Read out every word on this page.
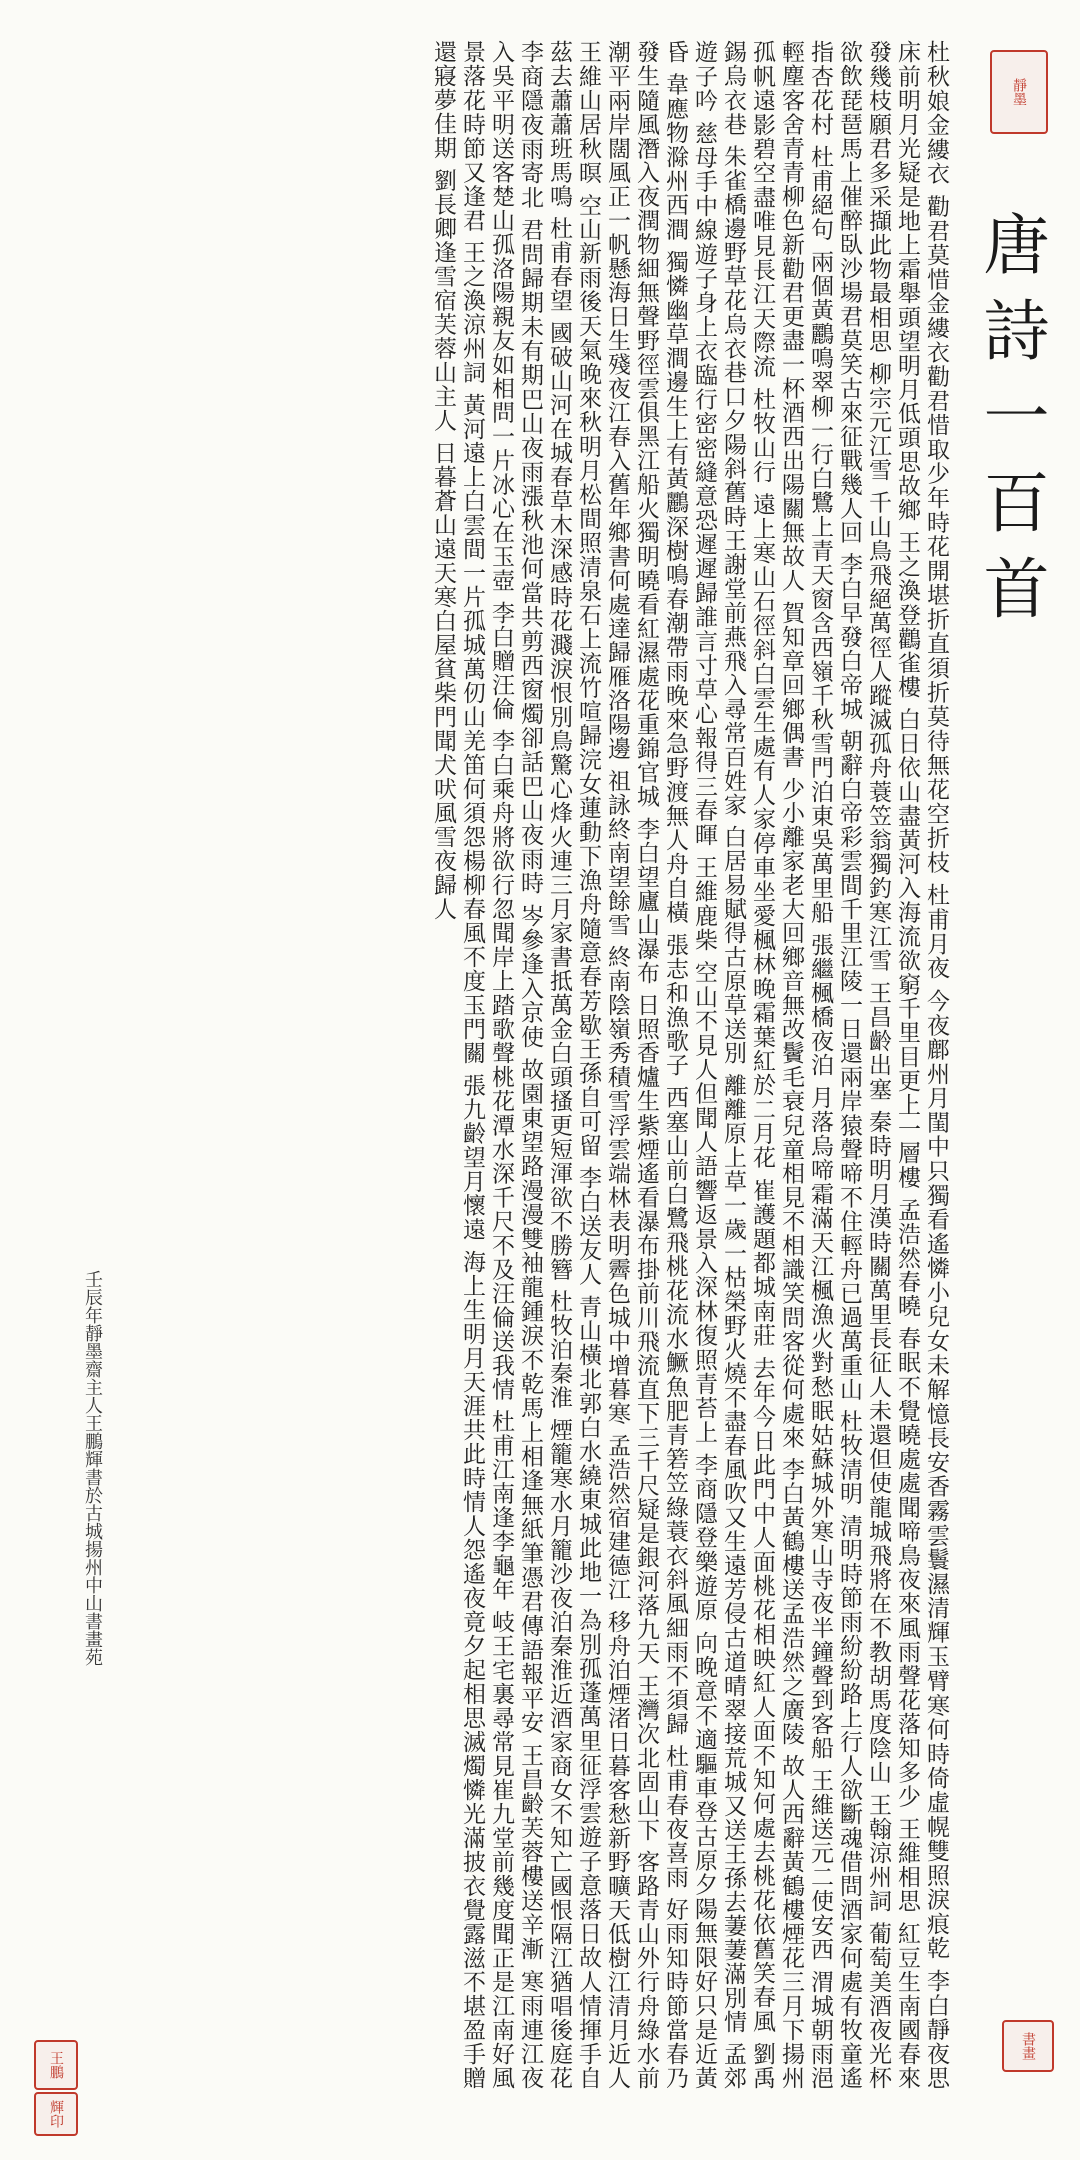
靜墨
唐詩一百首
杜秋娘金縷衣 勸君莫惜金縷衣勸君惜取少年時花開堪折直須折莫待無花空折枝 杜甫月夜 今夜鄜州月閨中只獨看遙憐小兒女未解憶長安香霧雲鬟濕清輝玉臂寒何時倚虛幌雙照淚痕乾 李白靜夜思 床前明月光疑是地上霜舉頭望明月低頭思故鄉 王之渙登鸛雀樓 白日依山盡黃河入海流欲窮千里目更上一層樓 孟浩然春曉 春眠不覺曉處處聞啼鳥夜來風雨聲花落知多少 王維相思 紅豆生南國春來發幾枝願君多采擷此物最相思 柳宗元江雪 千山鳥飛絕萬徑人蹤滅孤舟蓑笠翁獨釣寒江雪 王昌齡出塞 秦時明月漢時關萬里長征人未還但使龍城飛將在不教胡馬度陰山 王翰涼州詞 葡萄美酒夜光杯欲飲琵琶馬上催醉臥沙場君莫笑古來征戰幾人回 李白早發白帝城 朝辭白帝彩雲間千里江陵一日還兩岸猿聲啼不住輕舟已過萬重山 杜牧清明 清明時節雨紛紛路上行人欲斷魂借問酒家何處有牧童遙指杏花村 杜甫絕句 兩個黃鸝鳴翠柳一行白鷺上青天窗含西嶺千秋雪門泊東吳萬里船 張繼楓橋夜泊 月落烏啼霜滿天江楓漁火對愁眠姑蘇城外寒山寺夜半鐘聲到客船 王維送元二使安西 渭城朝雨浥輕塵客舍青青柳色新勸君更盡一杯酒西出陽關無故人 賀知章回鄉偶書 少小離家老大回鄉音無改鬢毛衰兒童相見不相識笑問客從何處來 李白黃鶴樓送孟浩然之廣陵 故人西辭黃鶴樓煙花三月下揚州孤帆遠影碧空盡唯見長江天際流 杜牧山行 遠上寒山石徑斜白雲生處有人家停車坐愛楓林晚霜葉紅於二月花 崔護題都城南莊 去年今日此門中人面桃花相映紅人面不知何處去桃花依舊笑春風 劉禹錫烏衣巷 朱雀橋邊野草花烏衣巷口夕陽斜舊時王謝堂前燕飛入尋常百姓家 白居易賦得古原草送別 離離原上草一歲一枯榮野火燒不盡春風吹又生遠芳侵古道晴翠接荒城又送王孫去萋萋滿別情 孟郊遊子吟 慈母手中線遊子身上衣臨行密密縫意恐遲遲歸誰言寸草心報得三春暉 王維鹿柴 空山不見人但聞人語響返景入深林復照青苔上 李商隱登樂遊原 向晚意不適驅車登古原夕陽無限好只是近黃昏 韋應物滁州西澗 獨憐幽草澗邊生上有黃鸝深樹鳴春潮帶雨晚來急野渡無人舟自橫 張志和漁歌子 西塞山前白鷺飛桃花流水鱖魚肥青箬笠綠蓑衣斜風細雨不須歸 杜甫春夜喜雨 好雨知時節當春乃發生隨風潛入夜潤物細無聲野徑雲俱黑江船火獨明曉看紅濕處花重錦官城 李白望廬山瀑布 日照香爐生紫煙遙看瀑布掛前川飛流直下三千尺疑是銀河落九天 王灣次北固山下 客路青山外行舟綠水前潮平兩岸闊風正一帆懸海日生殘夜江春入舊年鄉書何處達歸雁洛陽邊 祖詠終南望餘雪 終南陰嶺秀積雪浮雲端林表明霽色城中增暮寒 孟浩然宿建德江 移舟泊煙渚日暮客愁新野曠天低樹江清月近人 王維山居秋暝 空山新雨後天氣晚來秋明月松間照清泉石上流竹喧歸浣女蓮動下漁舟隨意春芳歇王孫自可留 李白送友人 青山橫北郭白水繞東城此地一為別孤蓬萬里征浮雲遊子意落日故人情揮手自茲去蕭蕭班馬鳴 杜甫春望 國破山河在城春草木深感時花濺淚恨別鳥驚心烽火連三月家書抵萬金白頭搔更短渾欲不勝簪 杜牧泊秦淮 煙籠寒水月籠沙夜泊秦淮近酒家商女不知亡國恨隔江猶唱後庭花 李商隱夜雨寄北 君問歸期未有期巴山夜雨漲秋池何當共剪西窗燭卻話巴山夜雨時 岑參逢入京使 故園東望路漫漫雙袖龍鍾淚不乾馬上相逢無紙筆憑君傳語報平安 王昌齡芙蓉樓送辛漸 寒雨連江夜入吳平明送客楚山孤洛陽親友如相問一片冰心在玉壺 李白贈汪倫 李白乘舟將欲行忽聞岸上踏歌聲桃花潭水深千尺不及汪倫送我情 杜甫江南逢李龜年 岐王宅裏尋常見崔九堂前幾度聞正是江南好風景落花時節又逢君 王之渙涼州詞 黃河遠上白雲間一片孤城萬仞山羌笛何須怨楊柳春風不度玉門關 張九齡望月懷遠 海上生明月天涯共此時情人怨遙夜竟夕起相思滅燭憐光滿披衣覺露滋不堪盈手贈還寢夢佳期 劉長卿逢雪宿芙蓉山主人 日暮蒼山遠天寒白屋貧柴門聞犬吠風雪夜歸人
壬辰年靜墨齋主人王鵬輝書於古城揚州中山書畫苑
王鵬
輝印
書畫
